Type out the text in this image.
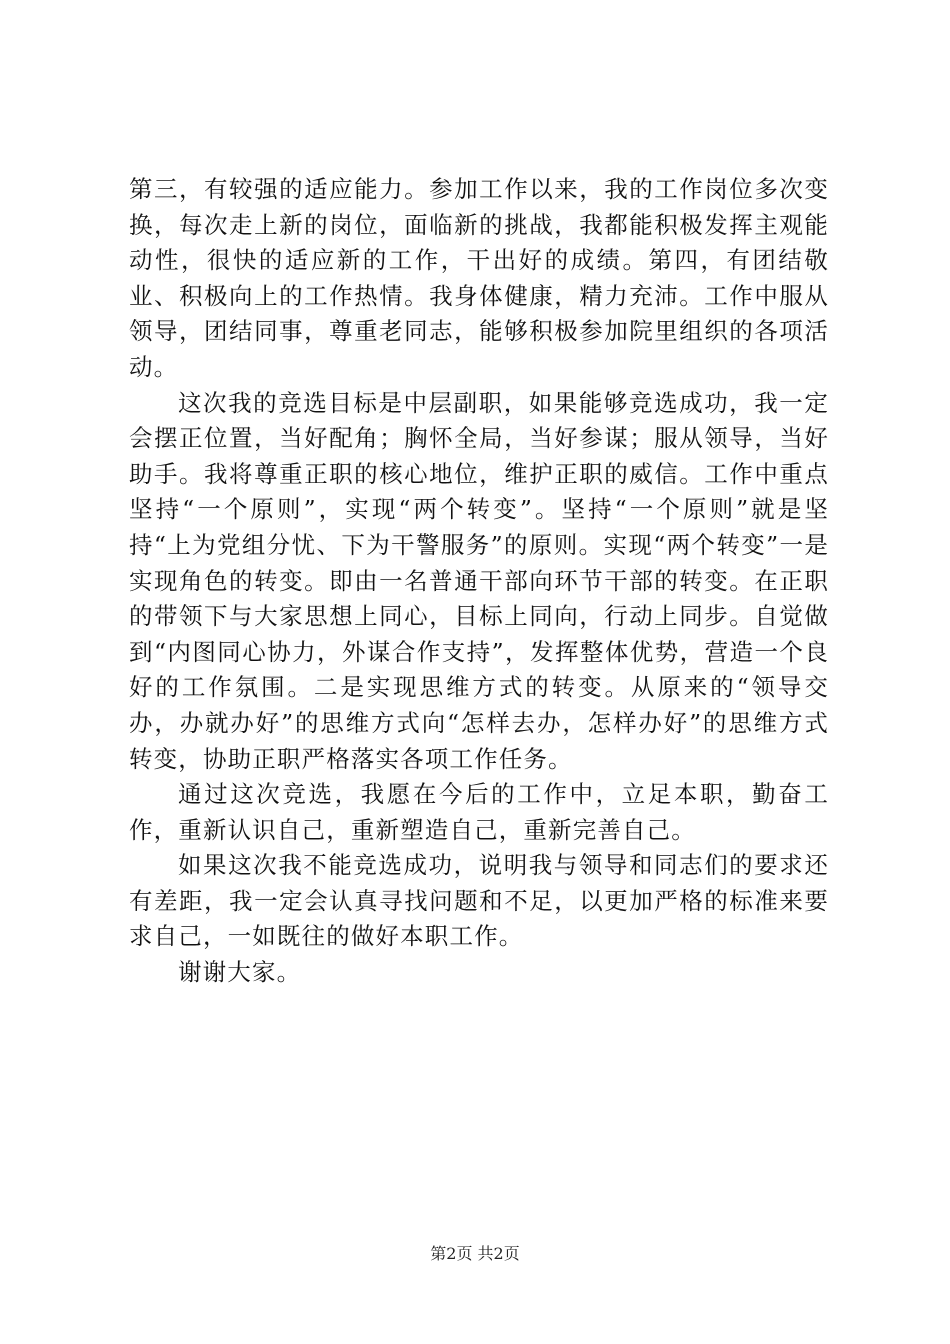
第三，有较强的适应能力。参加工作以来，我的工作岗位多次变换，每次走上新的岗位，面临新的挑战，我都能积极发挥主观能动性，很快的适应新的工作，干出好的成绩。第四，有团结敬业、积极向上的工作热情。我身体健康，精力充沛。工作中服从领导，团结同事，尊重老同志，能够积极参加院里组织的各项活动。

这次我的竞选目标是中层副职，如果能够竞选成功，我一定会摆正位置，当好配角；胸怀全局，当好参谋；服从领导，当好助手。我将尊重正职的核心地位，维护正职的威信。工作中重点坚持“一个原则”，实现“两个转变”。坚持“一个原则”就是坚持“上为党组分忧、下为干警服务”的原则。实现“两个转变”一是实现角色的转变。即由一名普通干部向环节干部的转变。在正职的带领下与大家思想上同心，目标上同向，行动上同步。自觉做到“内图同心协力，外谋合作支持”，发挥整体优势，营造一个良好的工作氛围。二是实现思维方式的转变。从原来的“领导交办，办就办好”的思维方式向“怎样去办，怎样办好”的思维方式转变，协助正职严格落实各项工作任务。

通过这次竞选，我愿在今后的工作中，立足本职，勤奋工作，重新认识自己，重新塑造自己，重新完善自己。

如果这次我不能竞选成功，说明我与领导和同志们的要求还有差距，我一定会认真寻找问题和不足，以更加严格的标准来要求自己，一如既往的做好本职工作。

谢谢大家。

第2页 共2页
